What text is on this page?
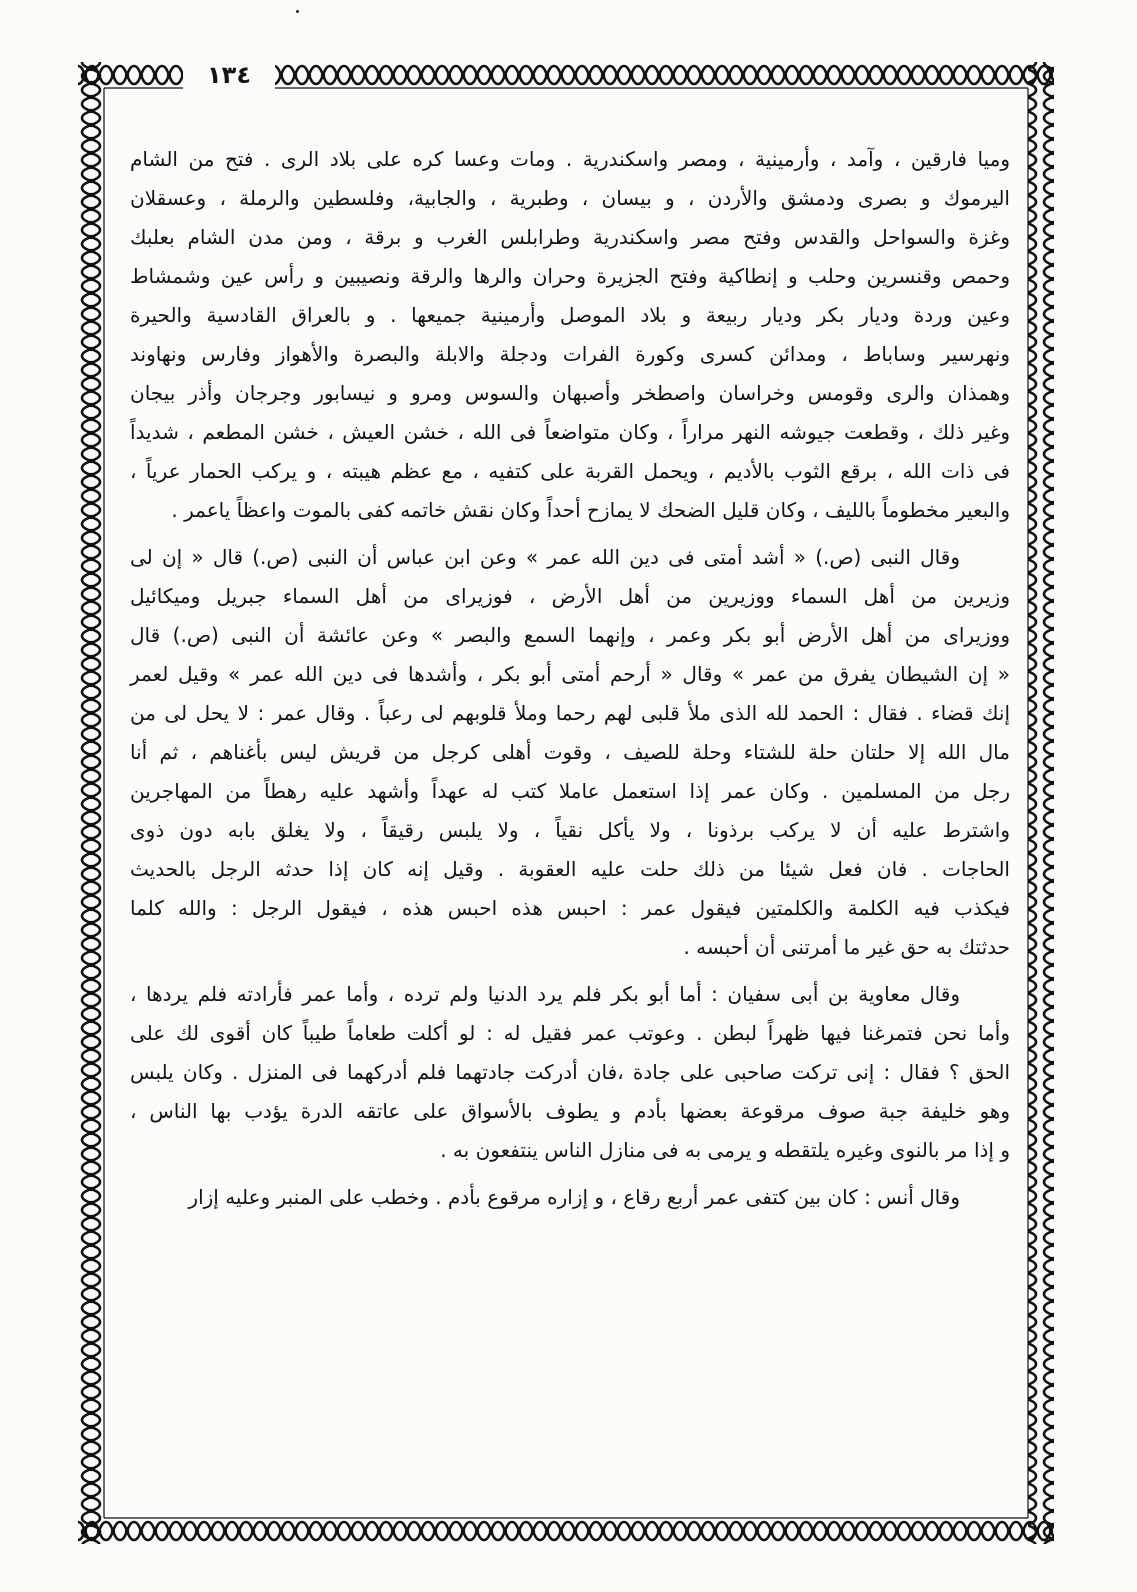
١٣٤
وميا فارقين ، وآمد ، وأرمينية ، ومصر واسكندرية . ومات وعسا كره على بلاد الرى . فتح من الشام
اليرموك و بصرى ودمشق والأردن ، و بيسان ، وطبرية ، والجابية، وفلسطين والرملة ، وعسقلان
وغزة والسواحل والقدس وفتح مصر واسكندرية وطرابلس الغرب و برقة ، ومن مدن الشام بعلبك
وحمص وقنسرين وحلب و إنطاكية وفتح الجزيرة وحران والرها والرقة ونصيبين و رأس عين وشمشاط
وعين وردة وديار بكر وديار ربيعة و بلاد الموصل وأرمينية جميعها . و بالعراق القادسية والحيرة
ونهرسير وساباط ، ومدائن كسرى وكورة الفرات ودجلة والابلة والبصرة والأهواز وفارس ونهاوند
وهمذان والرى وقومس وخراسان واصطخر وأصبهان والسوس ومرو و نيسابور وجرجان وأذر بيجان
وغير ذلك ، وقطعت جيوشه النهر مراراً ، وكان متواضعاً فى الله ، خشن العيش ، خشن المطعم ، شديداً
فى ذات الله ، برقع الثوب بالأديم ، ويحمل القربة على كتفيه ، مع عظم هيبته ، و يركب الحمار عرياً ،
والبعير مخطوماً بالليف ، وكان قليل الضحك لا يمازح أحداً وكان نقش خاتمه كفى بالموت واعظاً ياعمر .
وقال النبى (ص.) « أشد أمتى فى دين الله عمر » وعن ابن عباس أن النبى (ص.) قال « إن لى
وزيرين من أهل السماء ووزيرين من أهل الأرض ، فوزيراى من أهل السماء جبريل وميكائيل
ووزيراى من أهل الأرض أبو بكر وعمر ، وإنهما السمع والبصر » وعن عائشة أن النبى (ص.) قال
« إن الشيطان يفرق من عمر » وقال « أرحم أمتى أبو بكر ، وأشدها فى دين الله عمر » وقيل لعمر
إنك قضاء . فقال : الحمد لله الذى ملأ قلبى لهم رحما وملأ قلوبهم لى رعباً . وقال عمر : لا يحل لى من
مال الله إلا حلتان حلة للشتاء وحلة للصيف ، وقوت أهلى كرجل من قريش ليس بأغناهم ، ثم أنا
رجل من المسلمين . وكان عمر إذا استعمل عاملا كتب له عهداً وأشهد عليه رهطاً من المهاجرين
واشترط عليه أن لا يركب برذونا ، ولا يأكل نقياً ، ولا يلبس رقيقاً ، ولا يغلق بابه دون ذوى
الحاجات . فان فعل شيئا من ذلك حلت عليه العقوبة . وقيل إنه كان إذا حدثه الرجل بالحديث
فيكذب فيه الكلمة والكلمتين فيقول عمر : احبس هذه احبس هذه ، فيقول الرجل : والله كلما
حدثتك به حق غير ما أمرتنى أن أحبسه .
وقال معاوية بن أبى سفيان : أما أبو بكر فلم يرد الدنيا ولم ترده ، وأما عمر فأرادته فلم يردها ،
وأما نحن فتمرغنا فيها ظهراً لبطن . وعوتب عمر فقيل له : لو أكلت طعاماً طيباً كان أقوى لك على
الحق ؟ فقال : إنى تركت صاحبى على جادة ،فان أدركت جادتهما فلم أدركهما فى المنزل . وكان يلبس
وهو خليفة جبة صوف مرقوعة بعضها بأدم و يطوف بالأسواق على عاتقه الدرة يؤدب بها الناس ،
و إذا مر بالنوى وغيره يلتقطه و يرمى به فى منازل الناس ينتفعون به .
وقال أنس : كان بين كتفى عمر أربع رقاع ، و إزاره مرقوع بأدم . وخطب على المنبر وعليه إزار
